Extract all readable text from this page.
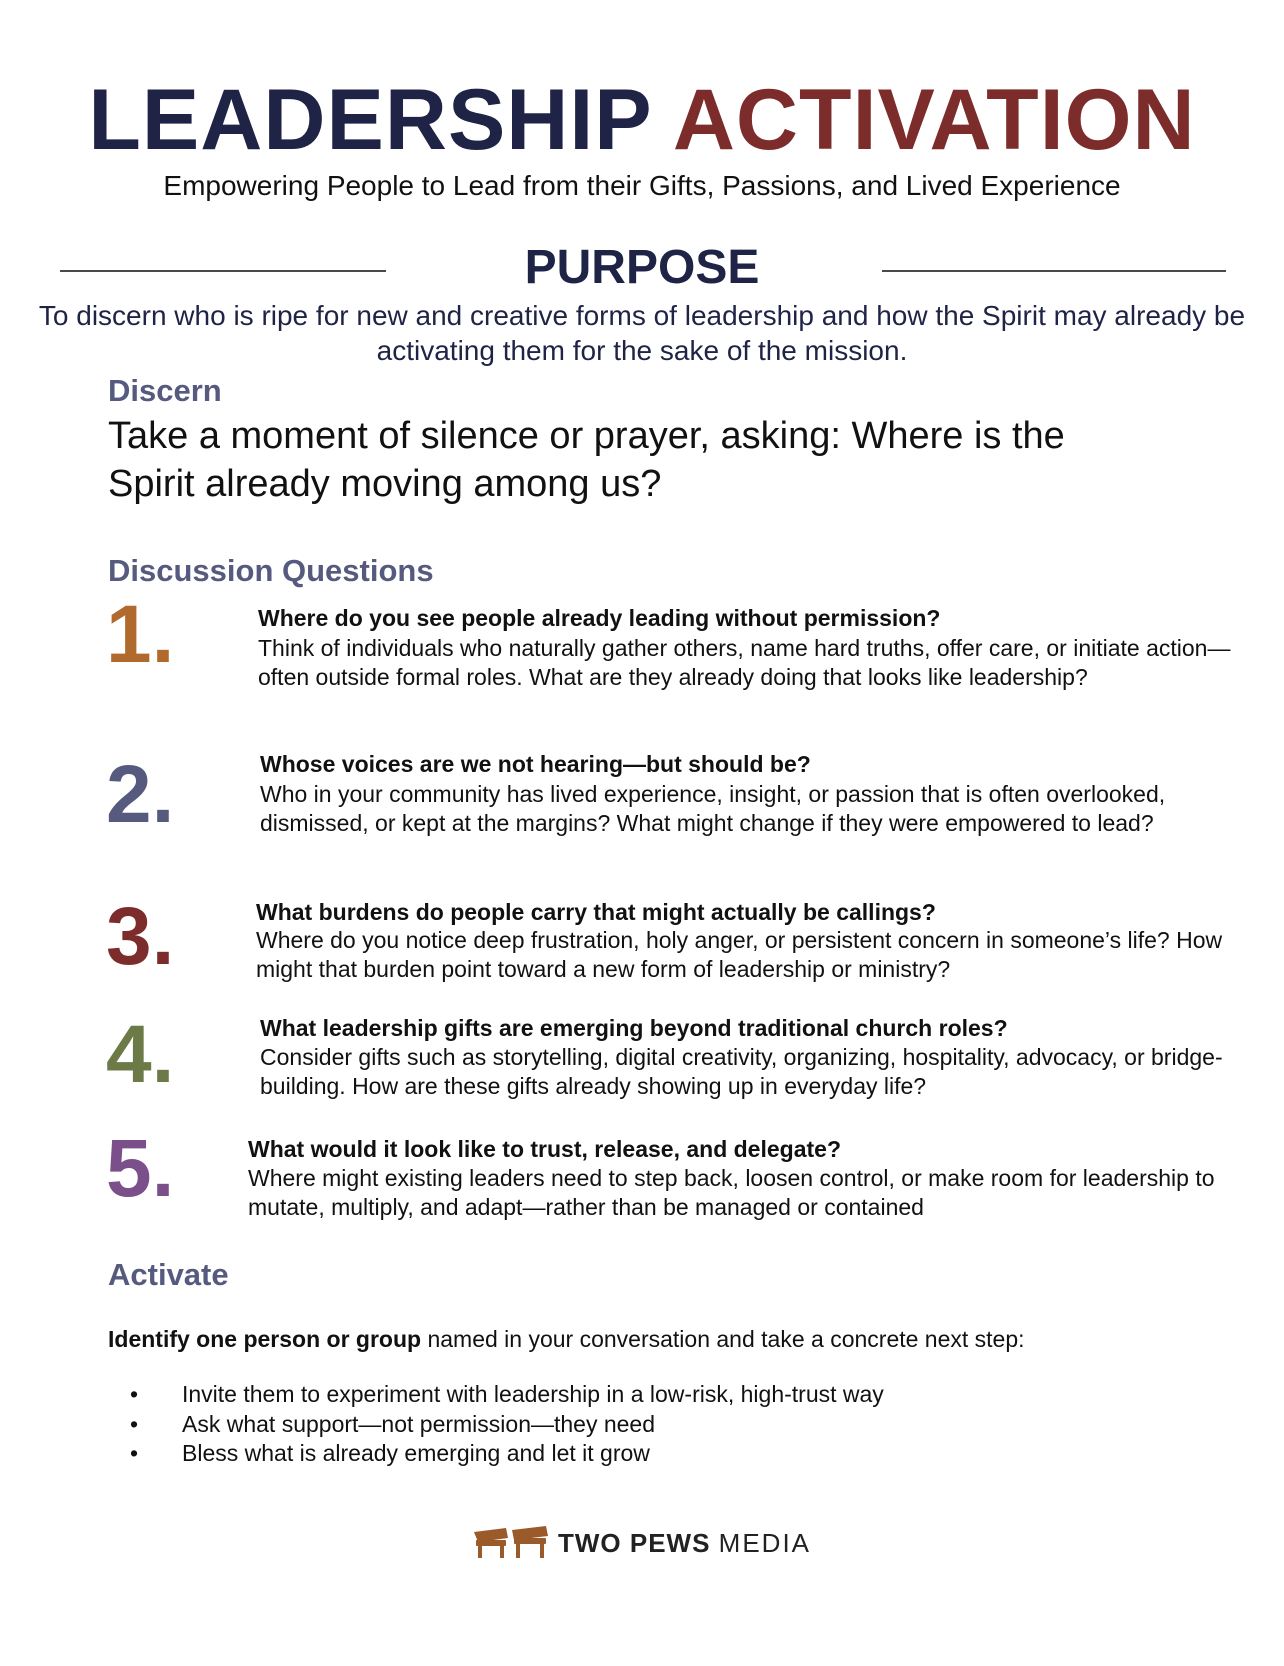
LEADERSHIP ACTIVATION
Empowering People to Lead from their Gifts, Passions, and Lived Experience
PURPOSE
To discern who is ripe for new and creative forms of leadership and how the Spirit may already be activating them for the sake of the mission.
Discern
Take a moment of silence or prayer, asking: Where is the Spirit already moving among us?
Discussion Questions
1.	Where do you see people already leading without permission?
Think of individuals who naturally gather others, name hard truths, offer care, or initiate action—often outside formal roles. What are they already doing that looks like leadership?
2.	Whose voices are we not hearing—but should be?
Who in your community has lived experience, insight, or passion that is often overlooked, dismissed, or kept at the margins? What might change if they were empowered to lead?
3.	What burdens do people carry that might actually be callings?
Where do you notice deep frustration, holy anger, or persistent concern in someone’s life? How might that burden point toward a new form of leadership or ministry?
4.	What leadership gifts are emerging beyond traditional church roles?
Consider gifts such as storytelling, digital creativity, organizing, hospitality, advocacy, or bridge-building. How are these gifts already showing up in everyday life?
5.	What would it look like to trust, release, and delegate?
Where might existing leaders need to step back, loosen control, or make room for leadership to mutate, multiply, and adapt—rather than be managed or contained
Activate
Identify one person or group named in your conversation and take a concrete next step:
• Invite them to experiment with leadership in a low-risk, high-trust way
• Ask what support—not permission—they need
• Bless what is already emerging and let it grow
TWO PEWS MEDIA
